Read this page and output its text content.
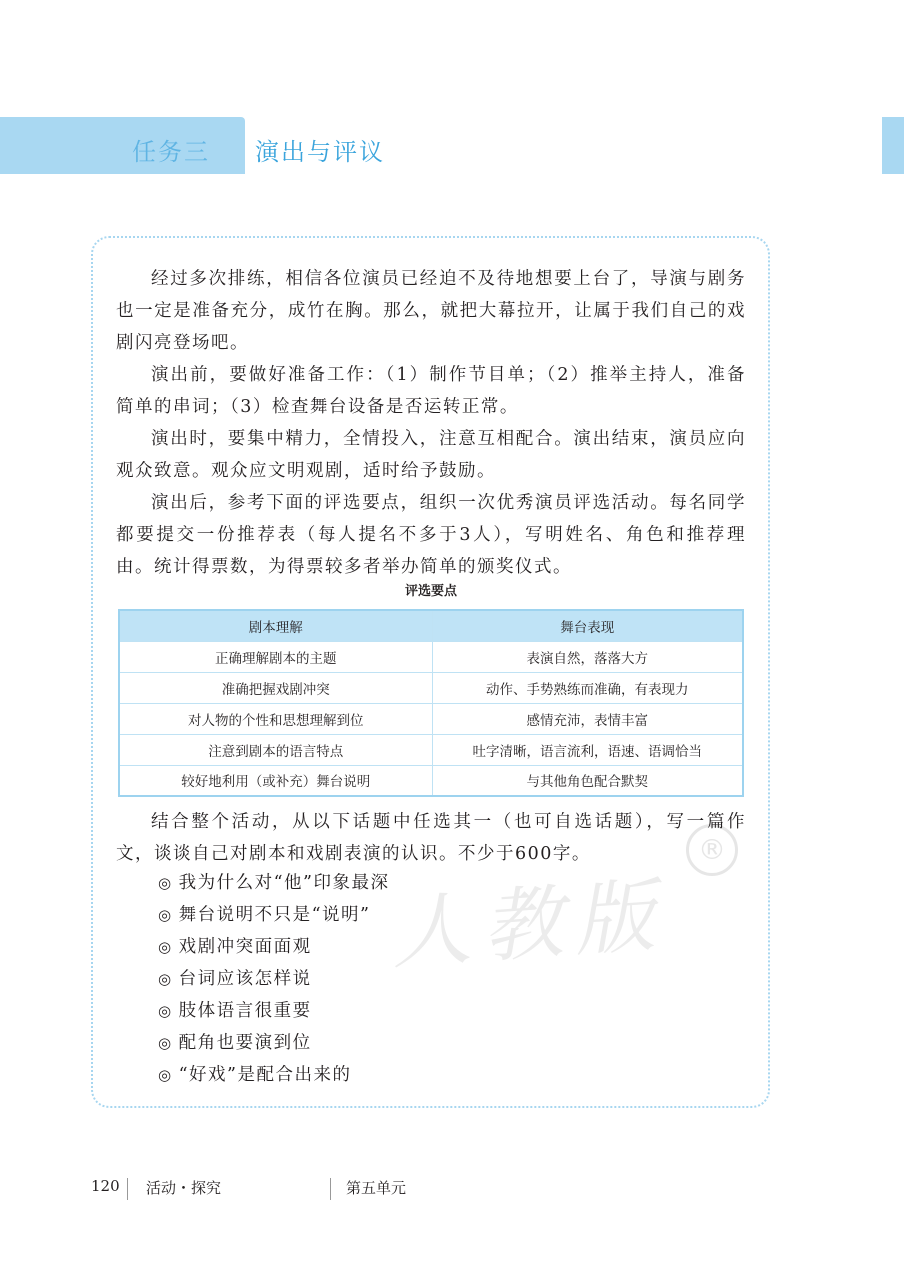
任务三 演出与评议
人教版
®

经过多次排练，相信各位演员已经迫不及待地想要上台了，导演与剧务也一定是准备充分，成竹在胸。那么，就把大幕拉开，让属于我们自己的戏剧闪亮登场吧。

演出前，要做好准备工作：（1）制作节目单；（2）推举主持人，准备简单的串词；（3）检查舞台设备是否运转正常。

演出时，要集中精力，全情投入，注意互相配合。演出结束，演员应向观众致意。观众应文明观剧，适时给予鼓励。

演出后，参考下面的评选要点，组织一次优秀演员评选活动。每名同学都要提交一份推荐表（每人提名不多于3人），写明姓名、角色和推荐理由。统计得票数，为得票较多者举办简单的颁奖仪式。

评选要点
剧本理解	舞台表现
正确理解剧本的主题	表演自然，落落大方
准确把握戏剧冲突	动作、手势熟练而准确，有表现力
对人物的个性和思想理解到位	感情充沛，表情丰富
注意到剧本的语言特点	吐字清晰，语言流利，语速、语调恰当
较好地利用（或补充）舞台说明	与其他角色配合默契

结合整个活动，从以下话题中任选其一（也可自选话题），写一篇作文，谈谈自己对剧本和戏剧表演的认识。不少于600字。

◎ 我为什么对“他”印象最深
◎ 舞台说明不只是“说明”
◎ 戏剧冲突面面观
◎ 台词应该怎样说
◎ 肢体语言很重要
◎ 配角也要演到位
◎ “好戏”是配合出来的
120 活动・探究	第五单元
